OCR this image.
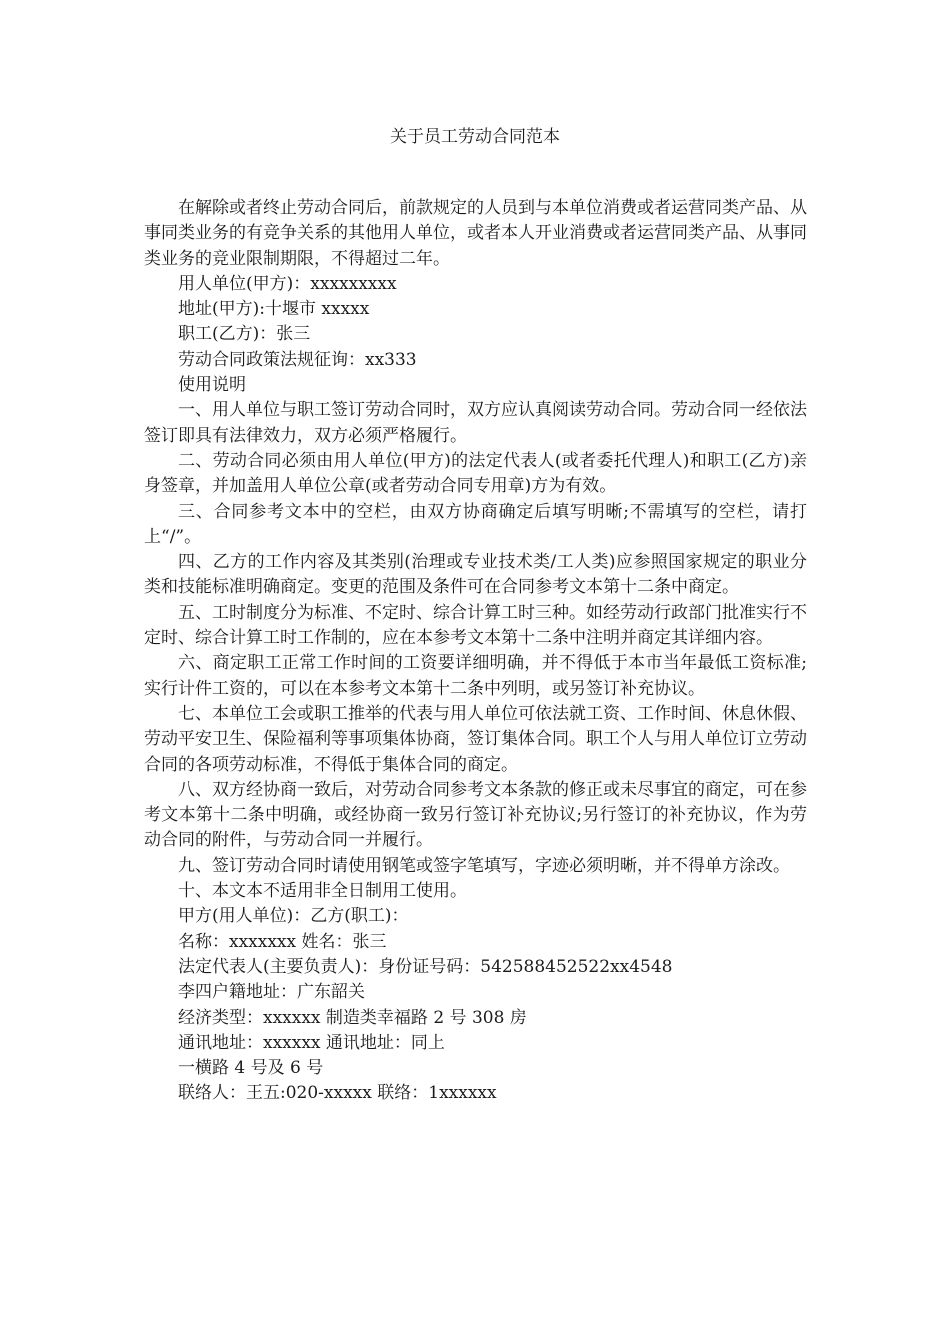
关于员工劳动合同范本

在解除或者终止劳动合同后，前款规定的人员到与本单位消费或者运营同类产品、从事同类业务的有竞争关系的其他用人单位，或者本人开业消费或者运营同类产品、从事同类业务的竞业限制期限，不得超过二年。

用人单位(甲方)：xxxxxxxxx

地址(甲方):十堰市 xxxxx

职工(乙方)：张三

劳动合同政策法规征询：xx333

使用说明

一、用人单位与职工签订劳动合同时，双方应认真阅读劳动合同。劳动合同一经依法签订即具有法律效力，双方必须严格履行。

二、劳动合同必须由用人单位(甲方)的法定代表人(或者委托代理人)和职工(乙方)亲身签章，并加盖用人单位公章(或者劳动合同专用章)方为有效。

三、合同参考文本中的空栏，由双方协商确定后填写明晰;不需填写的空栏，请打上“/”。

四、乙方的工作内容及其类别(治理或专业技术类/工人类)应参照国家规定的职业分类和技能标准明确商定。变更的范围及条件可在合同参考文本第十二条中商定。

五、工时制度分为标准、不定时、综合计算工时三种。如经劳动行政部门批准实行不定时、综合计算工时工作制的，应在本参考文本第十二条中注明并商定其详细内容。

六、商定职工正常工作时间的工资要详细明确，并不得低于本市当年最低工资标准;实行计件工资的，可以在本参考文本第十二条中列明，或另签订补充协议。

七、本单位工会或职工推举的代表与用人单位可依法就工资、工作时间、休息休假、劳动平安卫生、保险福利等事项集体协商，签订集体合同。职工个人与用人单位订立劳动合同的各项劳动标准，不得低于集体合同的商定。

八、双方经协商一致后，对劳动合同参考文本条款的修正或未尽事宜的商定，可在参考文本第十二条中明确，或经协商一致另行签订补充协议;另行签订的补充协议，作为劳动合同的附件，与劳动合同一并履行。

九、签订劳动合同时请使用钢笔或签字笔填写，字迹必须明晰，并不得单方涂改。

十、本文本不适用非全日制用工使用。

甲方(用人单位)：乙方(职工)：

名称：xxxxxxx 姓名：张三

法定代表人(主要负责人)：身份证号码：542588452522xx4548

李四户籍地址：广东韶关

经济类型：xxxxxx 制造类幸福路 2 号 308 房

通讯地址：xxxxxx 通讯地址：同上

一横路 4 号及 6 号

联络人：王五:020-xxxxx 联络：1xxxxxx
